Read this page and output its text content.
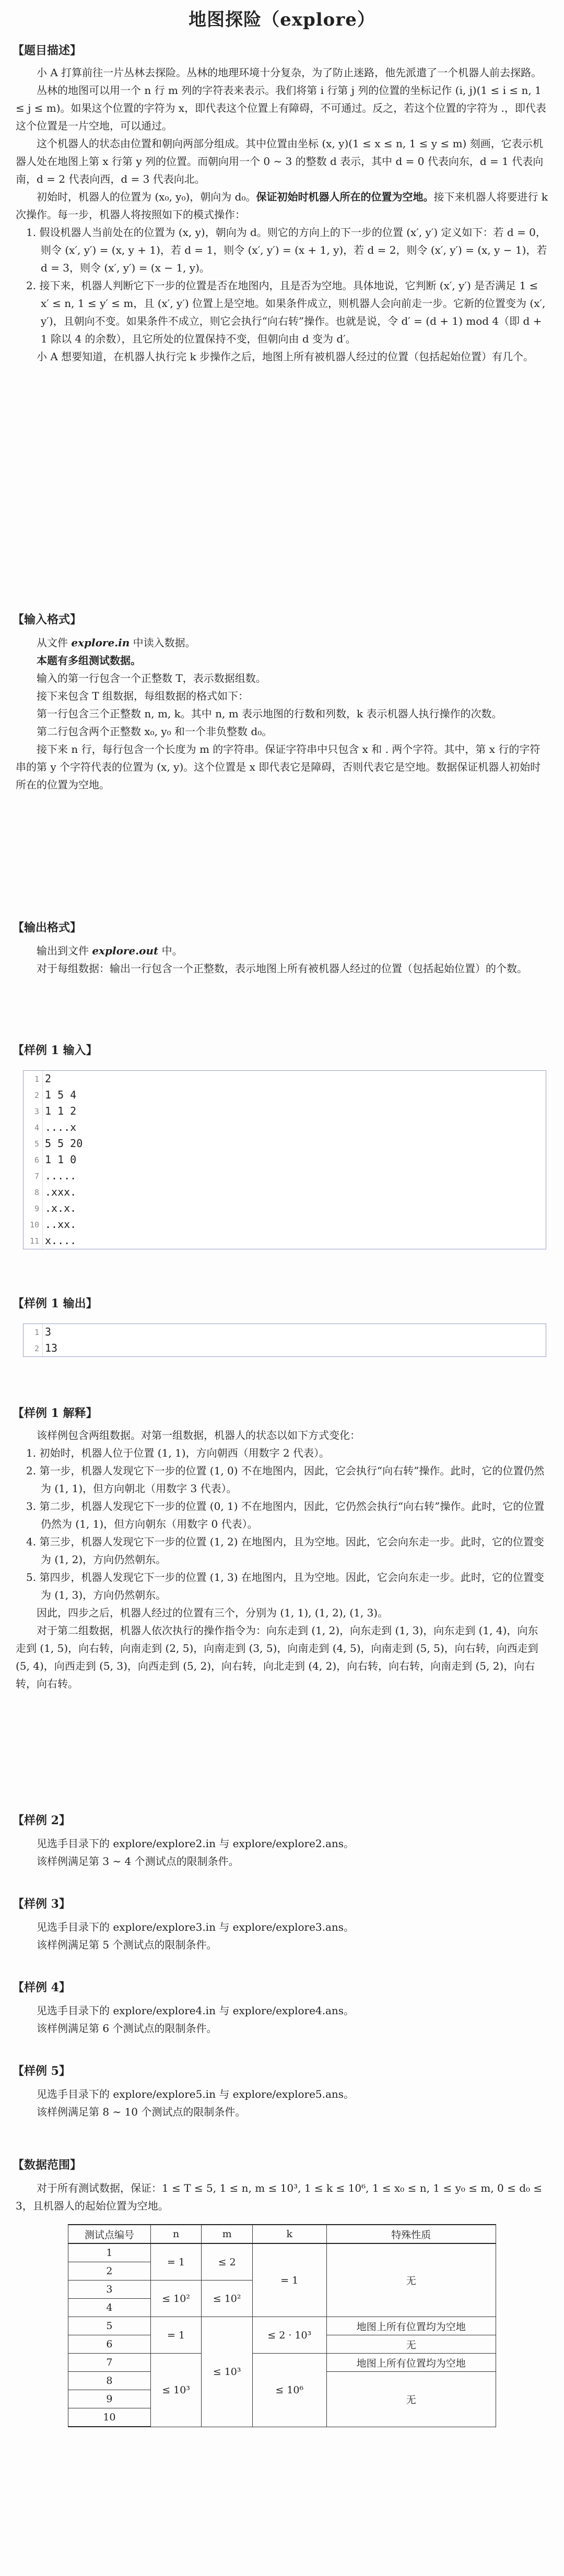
地图探险（explore）
【题目描述】
小 A 打算前往一片丛林去探险。丛林的地理环境十分复杂，为了防止迷路，他先派遣了一个机器人前去探路。
丛林的地图可以用一个 n 行 m 列的字符表来表示。我们将第 i 行第 j 列的位置的坐标记作 (i, j)(1 ≤ i ≤ n, 1 ≤ j ≤ m)。如果这个位置的字符为 x，即代表这个位置上有障碍，不可通过。反之，若这个位置的字符为 .，即代表这个位置是一片空地，可以通过。
这个机器人的状态由位置和朝向两部分组成。其中位置由坐标 (x, y)(1 ≤ x ≤ n, 1 ≤ y ≤ m) 刻画，它表示机器人处在地图上第 x 行第 y 列的位置。而朝向用一个 0 ∼ 3 的整数 d 表示，其中 d = 0 代表向东，d = 1 代表向南，d = 2 代表向西，d = 3 代表向北。
初始时，机器人的位置为 (x₀, y₀)，朝向为 d₀。保证初始时机器人所在的位置为空地。接下来机器人将要进行 k 次操作。每一步，机器人将按照如下的模式操作：
1. 假设机器人当前处在的位置为 (x, y)，朝向为 d。则它的方向上的下一步的位置 (x′, y′) 定义如下：若 d = 0，则令 (x′, y′) = (x, y + 1)，若 d = 1，则令 (x′, y′) = (x + 1, y)，若 d = 2，则令 (x′, y′) = (x, y − 1)，若 d = 3，则令 (x′, y′) = (x − 1, y)。
2. 接下来，机器人判断它下一步的位置是否在地图内，且是否为空地。具体地说，它判断 (x′, y′) 是否满足 1 ≤ x′ ≤ n, 1 ≤ y′ ≤ m，且 (x′, y′) 位置上是空地。如果条件成立，则机器人会向前走一步。它新的位置变为 (x′, y′)，且朝向不变。如果条件不成立，则它会执行“向右转”操作。也就是说，令 d′ = (d + 1) mod 4（即 d + 1 除以 4 的余数），且它所处的位置保持不变，但朝向由 d 变为 d′。
小 A 想要知道，在机器人执行完 k 步操作之后，地图上所有被机器人经过的位置（包括起始位置）有几个。
【输入格式】
从文件 explore.in 中读入数据。
本题有多组测试数据。
输入的第一行包含一个正整数 T，表示数据组数。
接下来包含 T 组数据，每组数据的格式如下：
第一行包含三个正整数 n, m, k。其中 n, m 表示地图的行数和列数，k 表示机器人执行操作的次数。
第二行包含两个正整数 x₀, y₀ 和一个非负整数 d₀。
接下来 n 行，每行包含一个长度为 m 的字符串。保证字符串中只包含 x 和 . 两个字符。其中，第 x 行的字符串的第 y 个字符代表的位置为 (x, y)。这个位置是 x 即代表它是障碍，否则代表它是空地。数据保证机器人初始时所在的位置为空地。
【输出格式】
输出到文件 explore.out 中。
对于每组数据：输出一行包含一个正整数，表示地图上所有被机器人经过的位置（包括起始位置）的个数。
【样例 1 输入】
1 2
2 1 5 4
3 1 1 2
4 ....x
5 5 5 20
6 1 1 0
7 .....
8 .xxx.
9 .x.x.
10 ..xx.
11 x....
【样例 1 输出】
1 3
2 13
【样例 1 解释】
该样例包含两组数据。对第一组数据，机器人的状态以如下方式变化：
1. 初始时，机器人位于位置 (1, 1)，方向朝西（用数字 2 代表）。
2. 第一步，机器人发现它下一步的位置 (1, 0) 不在地图内，因此，它会执行“向右转”操作。此时，它的位置仍然为 (1, 1)，但方向朝北（用数字 3 代表）。
3. 第二步，机器人发现它下一步的位置 (0, 1) 不在地图内，因此，它仍然会执行“向右转”操作。此时，它的位置仍然为 (1, 1)，但方向朝东（用数字 0 代表）。
4. 第三步，机器人发现它下一步的位置 (1, 2) 在地图内，且为空地。因此，它会向东走一步。此时，它的位置变为 (1, 2)，方向仍然朝东。
5. 第四步，机器人发现它下一步的位置 (1, 3) 在地图内，且为空地。因此，它会向东走一步。此时，它的位置变为 (1, 3)，方向仍然朝东。
因此，四步之后，机器人经过的位置有三个，分别为 (1, 1), (1, 2), (1, 3)。
对于第二组数据，机器人依次执行的操作指令为：向东走到 (1, 2)，向东走到 (1, 3)，向东走到 (1, 4)，向东走到 (1, 5)，向右转，向南走到 (2, 5)，向南走到 (3, 5)，向南走到 (4, 5)，向南走到 (5, 5)，向右转，向西走到 (5, 4)，向西走到 (5, 3)，向西走到 (5, 2)，向右转，向北走到 (4, 2)，向右转，向右转，向南走到 (5, 2)，向右转，向右转。
【样例 2】
见选手目录下的 explore/explore2.in 与 explore/explore2.ans。
该样例满足第 3 ∼ 4 个测试点的限制条件。
【样例 3】
见选手目录下的 explore/explore3.in 与 explore/explore3.ans。
该样例满足第 5 个测试点的限制条件。
【样例 4】
见选手目录下的 explore/explore4.in 与 explore/explore4.ans。
该样例满足第 6 个测试点的限制条件。
【样例 5】
见选手目录下的 explore/explore5.in 与 explore/explore5.ans。
该样例满足第 8 ∼ 10 个测试点的限制条件。
【数据范围】
对于所有测试数据，保证：1 ≤ T ≤ 5, 1 ≤ n, m ≤ 10³, 1 ≤ k ≤ 10⁶, 1 ≤ x₀ ≤ n, 1 ≤ y₀ ≤ m, 0 ≤ d₀ ≤ 3，且机器人的起始位置为空地。
测试点编号	n	m	k	特殊性质
1	= 1	≤ 2	= 1	无
2				
3	≤ 10²	≤ 10²		
4				
5	= 1	≤ 10³	≤ 2 · 10³	地图上所有位置均为空地
6				无
7	≤ 10³		≤ 10⁶	地图上所有位置均为空地
8				无
9				
10				
